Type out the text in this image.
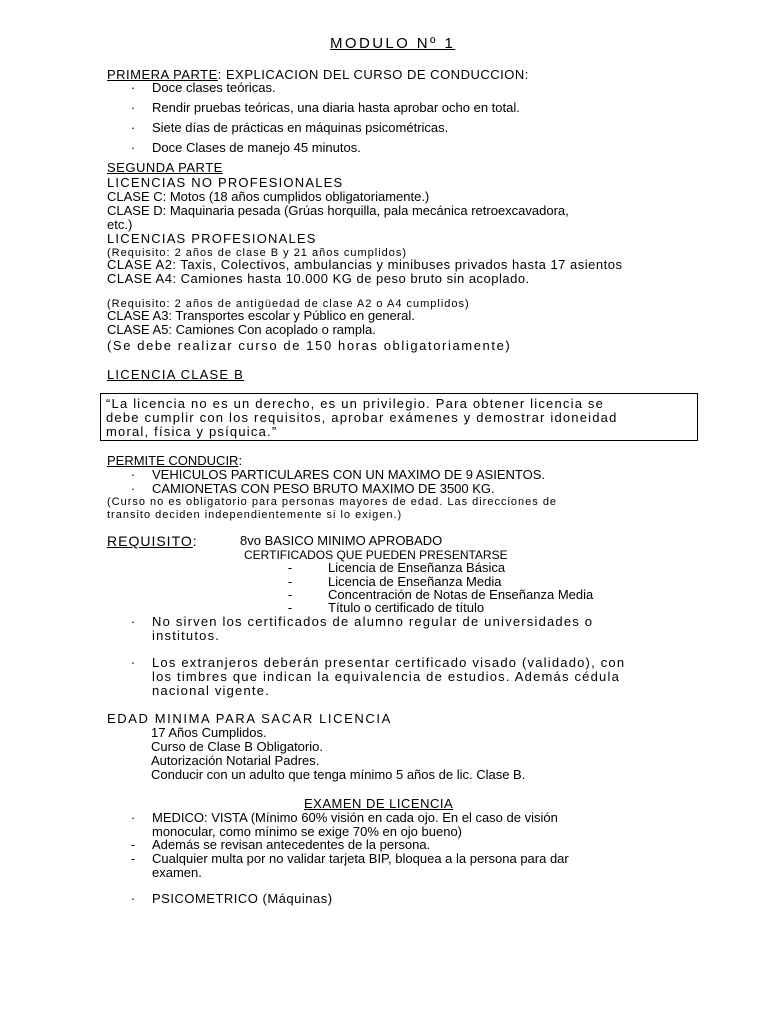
MODULO Nº 1
PRIMERA PARTE: EXPLICACION DEL CURSO DE CONDUCCION:
· Doce clases teóricas.
· Rendir pruebas teóricas, una diaria hasta aprobar ocho en total.
· Siete días de prácticas en máquinas psicométricas.
· Doce Clases de manejo 45 minutos.
SEGUNDA PARTE
LICENCIAS NO PROFESIONALES
CLASE C: Motos (18 años cumplidos obligatoriamente.)
CLASE D: Maquinaria pesada (Grúas horquilla, pala mecánica retroexcavadora,
etc.)
LICENCIAS PROFESIONALES
(Requisito: 2 años de clase B y 21 años cumplidos)
CLASE A2: Taxis, Colectivos, ambulancias y minibuses privados hasta 17 asientos
CLASE A4: Camiones hasta 10.000 KG de peso bruto sin acoplado.
(Requisito: 2 años de antigüedad de clase A2 o A4 cumplidos)
CLASE A3: Transportes escolar y Público en general.
CLASE A5: Camiones Con acoplado o rampla.
(Se debe realizar curso de 150 horas obligatoriamente)
LICENCIA CLASE B
“La licencia no es un derecho, es un privilegio. Para obtener licencia se
debe cumplir con los requisitos, aprobar exámenes y demostrar idoneidad
moral, física y psíquica.”
PERMITE CONDUCIR:
· VEHICULOS PARTICULARES CON UN MAXIMO DE 9 ASIENTOS.
· CAMIONETAS CON PESO BRUTO MAXIMO DE 3500 KG.
(Curso no es obligatorio para personas mayores de edad. Las direcciones de
transito deciden independientemente si lo exigen.)
REQUISITO:	8vo BASICO MINIMO APROBADO
CERTIFICADOS QUE PUEDEN PRESENTARSE
-	Licencia de Enseñanza Básica
-	Licencia de Enseñanza Media
-	Concentración de Notas de Enseñanza Media
-	Título o certificado de título
· No sirven los certificados de alumno regular de universidades o
institutos.
· Los extranjeros deberán presentar certificado visado (validado), con
los timbres que indican la equivalencia de estudios. Además cédula
nacional vigente.
EDAD MINIMA PARA SACAR LICENCIA
17 Años Cumplidos.
Curso de Clase B Obligatorio.
Autorización Notarial Padres.
Conducir con un adulto que tenga mínimo 5 años de lic. Clase B.
EXAMEN DE LICENCIA
· MEDICO: VISTA (Mínimo 60% visión en cada ojo. En el caso de visión
monocular, como mínimo se exige 70% en ojo bueno)
- Además se revisan antecedentes de la persona.
- Cualquier multa por no validar tarjeta BIP, bloquea a la persona para dar
examen.
· PSICOMETRICO (Máquinas)
